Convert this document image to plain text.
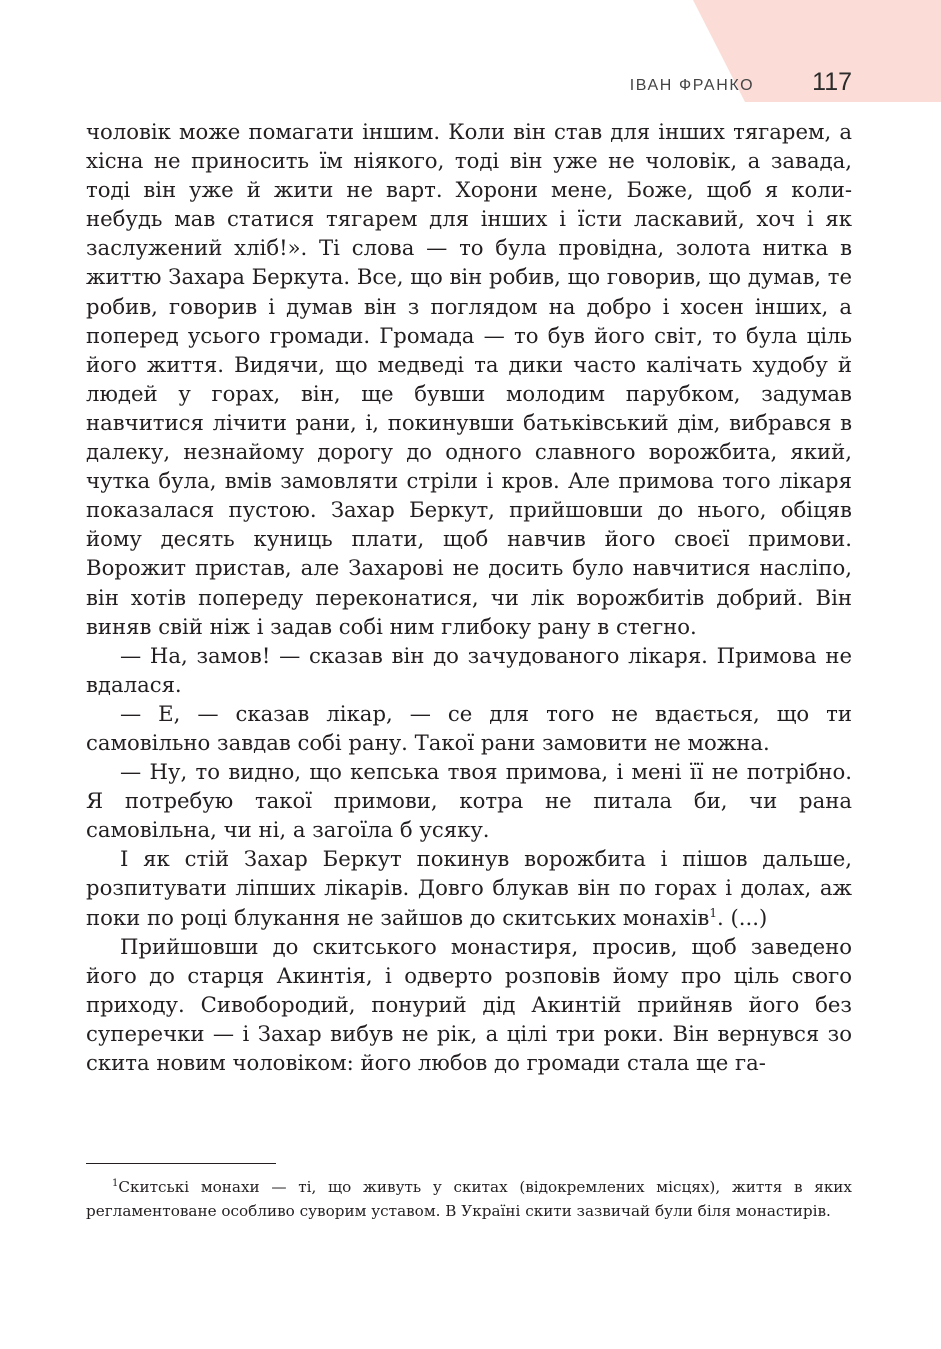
ІВАН ФРАНКО 117

чоловік може помагати іншим. Коли він став для інших тягарем, а хісна не приносить їм ніякого, тоді він уже не чоловік, а завада, тоді він уже й жити не варт. Хорони мене, Боже, щоб я коли-небудь мав статися тягарем для інших і їсти ласкавий, хоч і як заслужений хліб!». Ті слова — то була провідна, золота нитка в життю Захара Беркута. Все, що він робив, що говорив, що думав, те робив, говорив і думав він з поглядом на добро і хосен інших, а поперед усього громади. Громада — то був його світ, то була ціль його життя. Видячи, що медведі та дики часто калічать худобу й людей у горах, він, ще бувши молодим парубком, задумав навчитися лічити рани, і, покинувши батьківський дім, вибрався в далеку, незнайому дорогу до одного славного ворожбита, який, чутка була, вмів замовляти стріли і кров. Але примова того лікаря показалася пустою. Захар Беркут, прийшовши до нього, обіцяв йому десять куниць плати, щоб навчив його своєї примови. Ворожит пристав, але Захарові не досить було навчитися насліпо, він хотів попереду переконатися, чи лік ворожбитів добрий. Він виняв свій ніж і задав собі ним глибоку рану в стегно.

— На, замов! — сказав він до зачудованого лікаря. Примова не вдалася.

— Е, — сказав лікар, — се для того не вдається, що ти самовільно завдав собі рану. Такої рани замовити не можна.

— Ну, то видно, що кепська твоя примова, і мені її не потрібно. Я потребую такої примови, котра не питала би, чи рана самовільна, чи ні, а загоїла б усяку.

І як стій Захар Беркут покинув ворожбита і пішов дальше, розпитувати ліпших лікарів. Довго блукав він по горах і долах, аж поки по році блукання не зайшов до скитських монахів$^1$. (...)

Прийшовши до скитського монастиря, просив, щоб заведено його до старця Акинтія, і одверто розповів йому про ціль свого приходу. Сивобородий, понурий дід Акинтій прийняв його без суперечки — і Захар вибув не рік, а цілі три роки. Він вернувся зо скита новим чоловіком: його любов до громади стала ще га-

$^1$Скитські монахи — ті, що живуть у скитах (відокремлених місцях), життя в яких регламентоване особливо суворим уставом. В Україні скити зазвичай були біля монастирів.
